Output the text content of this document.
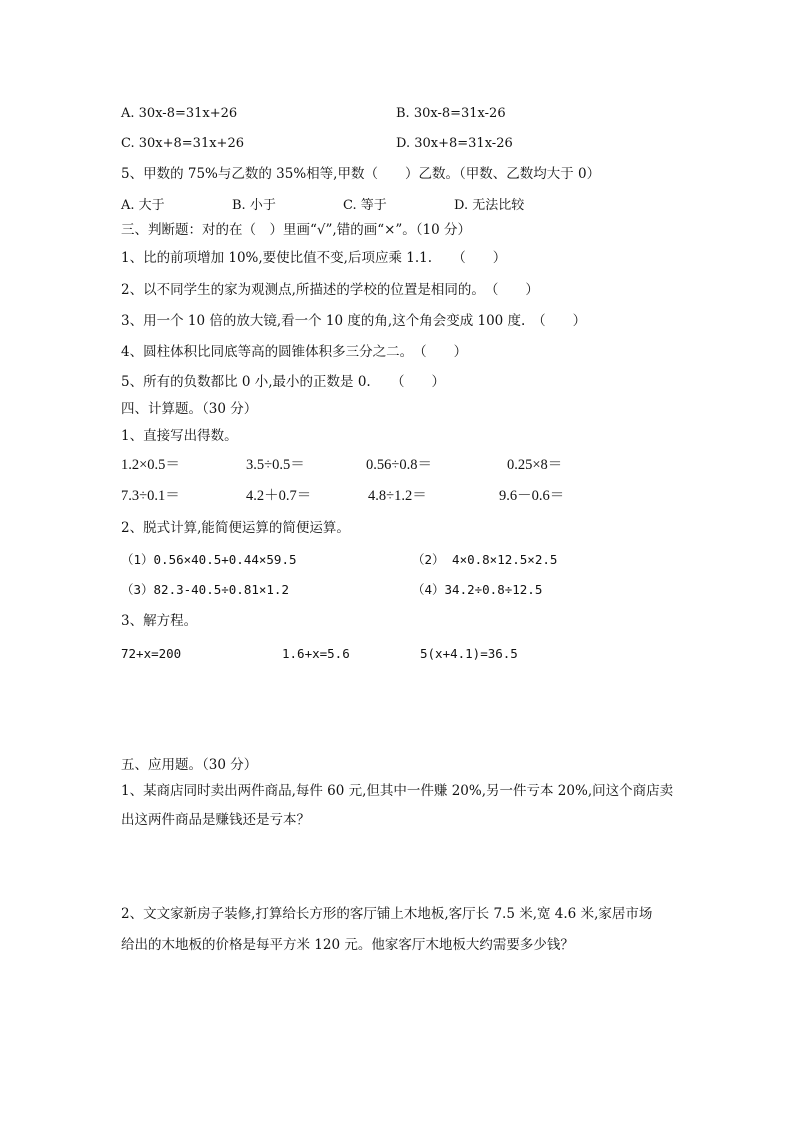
A. 30x-8=31x+26	B. 30x-8=31x-26
C. 30x+8=31x+26	D. 30x+8=31x-26
5、甲数的 75%与乙数的 35%相等,甲数（　　）乙数。（甲数、乙数均大于 0）
A. 大于	B. 小于	C. 等于	D. 无法比较
三、判断题：对的在（　）里画“√”,错的画“×”。（10 分）
1、比的前项增加 10%,要使比值不变,后项应乘 1.1.　　（　　）
2、以不同学生的家为观测点,所描述的学校的位置是相同的。　（　　）
3、用一个 10 倍的放大镜,看一个 10 度的角,这个角会变成 100 度.　（　　）
4、圆柱体积比同底等高的圆锥体积多三分之二。　（　　）
5、所有的负数都比 0 小,最小的正数是 0.　　（　　）
四、计算题。（30 分）
1、直接写出得数。
1.2×0.5＝	3.5÷0.5＝	0.56÷0.8＝	0.25×8＝
7.3÷0.1＝	4.2＋0.7＝	4.8÷1.2＝	9.6－0.6＝
2、脱式计算,能简便运算的简便运算。
（1）0.56×40.5+0.44×59.5	（2） 4×0.8×12.5×2.5
（3）82.3-40.5÷0.81×1.2	（4）34.2÷0.8÷12.5
3、解方程。
72+x=200	1.6+x=5.6	5(x+4.1)=36.5
五、应用题。（30 分）
1、某商店同时卖出两件商品,每件 60 元,但其中一件赚 20%,另一件亏本 20%,问这个商店卖
出这两件商品是赚钱还是亏本？
2、文文家新房子装修,打算给长方形的客厅铺上木地板,客厅长 7.5 米,宽 4.6 米,家居市场
给出的木地板的价格是每平方米 120 元。他家客厅木地板大约需要多少钱？
